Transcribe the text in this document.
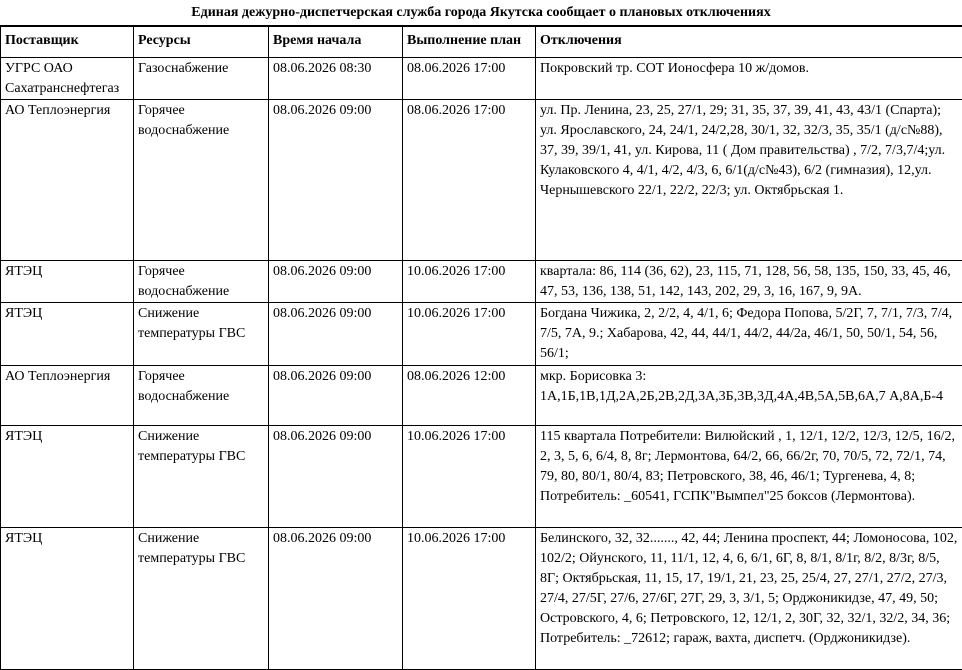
Единая дежурно-диспетчерская служба города Якутска сообщает о плановых отключениях
Поставщик	Ресурсы	Время начала	Выполнение план	Отключения
УГРС ОАО Сахатранснефтегаз	Газоснабжение	08.06.2026 08:30	08.06.2026 17:00	Покровский тр. СОТ Ионосфера 10 ж/домов.
АО Теплоэнергия	Горячее водоснабжение	08.06.2026 09:00	08.06.2026 17:00	ул. Пр. Ленина, 23, 25, 27/1, 29; 31, 35, 37, 39, 41, 43, 43/1 (Спарта); ул. Ярославского, 24, 24/1, 24/2,28, 30/1, 32, 32/3, 35, 35/1 (д/с№88), 37, 39, 39/1, 41, ул. Кирова, 11 ( Дом правительства) , 7/2, 7/3,7/4;ул. Кулаковского 4, 4/1, 4/2, 4/3, 6, 6/1(д/с№43), 6/2 (гимназия), 12,ул. Чернышевского 22/1, 22/2, 22/3; ул. Октябрьская 1.
ЯТЭЦ	Горячее водоснабжение	08.06.2026 09:00	10.06.2026 17:00	квартала: 86, 114 (36, 62), 23, 115, 71, 128, 56, 58, 135, 150, 33, 45, 46, 47, 53, 136, 138, 51, 142, 143, 202, 29, 3, 16, 167, 9, 9А.
ЯТЭЦ	Снижение температуры ГВС	08.06.2026 09:00	10.06.2026 17:00	Богдана Чижика, 2, 2/2, 4, 4/1, 6; Федора Попова, 5/2Г, 7, 7/1, 7/3, 7/4, 7/5, 7А, 9.; Хабарова, 42, 44, 44/1, 44/2, 44/2а, 46/1, 50, 50/1, 54, 56, 56/1;
АО Теплоэнергия	Горячее водоснабжение	08.06.2026 09:00	08.06.2026 12:00	мкр. Борисовка 3: 1А,1Б,1В,1Д,2А,2Б,2В,2Д,3А,3Б,3В,3Д,4А,4В,5А,5В,6А,7 А,8А,Б-4
ЯТЭЦ	Снижение температуры ГВС	08.06.2026 09:00	10.06.2026 17:00	115 квартала Потребители: Вилюйский , 1, 12/1, 12/2, 12/3, 12/5, 16/2, 2, 3, 5, 6, 6/4, 8, 8г; Лермонтова, 64/2, 66, 66/2г, 70, 70/5, 72, 72/1, 74, 79, 80, 80/1, 80/4, 83; Петровского, 38, 46, 46/1; Тургенева, 4, 8; Потребитель: _60541, ГСПК"Вымпел"25 боксов (Лермонтова).
ЯТЭЦ	Снижение температуры ГВС	08.06.2026 09:00	10.06.2026 17:00	Белинского, 32, 32......., 42, 44; Ленина проспект, 44; Ломоносова, 102, 102/2; Ойунского, 11, 11/1, 12, 4, 6, 6/1, 6Г, 8, 8/1, 8/1г, 8/2, 8/3г, 8/5, 8Г; Октябрьская, 11, 15, 17, 19/1, 21, 23, 25, 25/4, 27, 27/1, 27/2, 27/3, 27/4, 27/5Г, 27/6, 27/6Г, 27Г, 29, 3, 3/1, 5; Орджоникидзе, 47, 49, 50; Островского, 4, 6; Петровского, 12, 12/1, 2, 30Г, 32, 32/1, 32/2, 34, 36; Потребитель: _72612; гараж, вахта, диспетч. (Орджоникидзе).
